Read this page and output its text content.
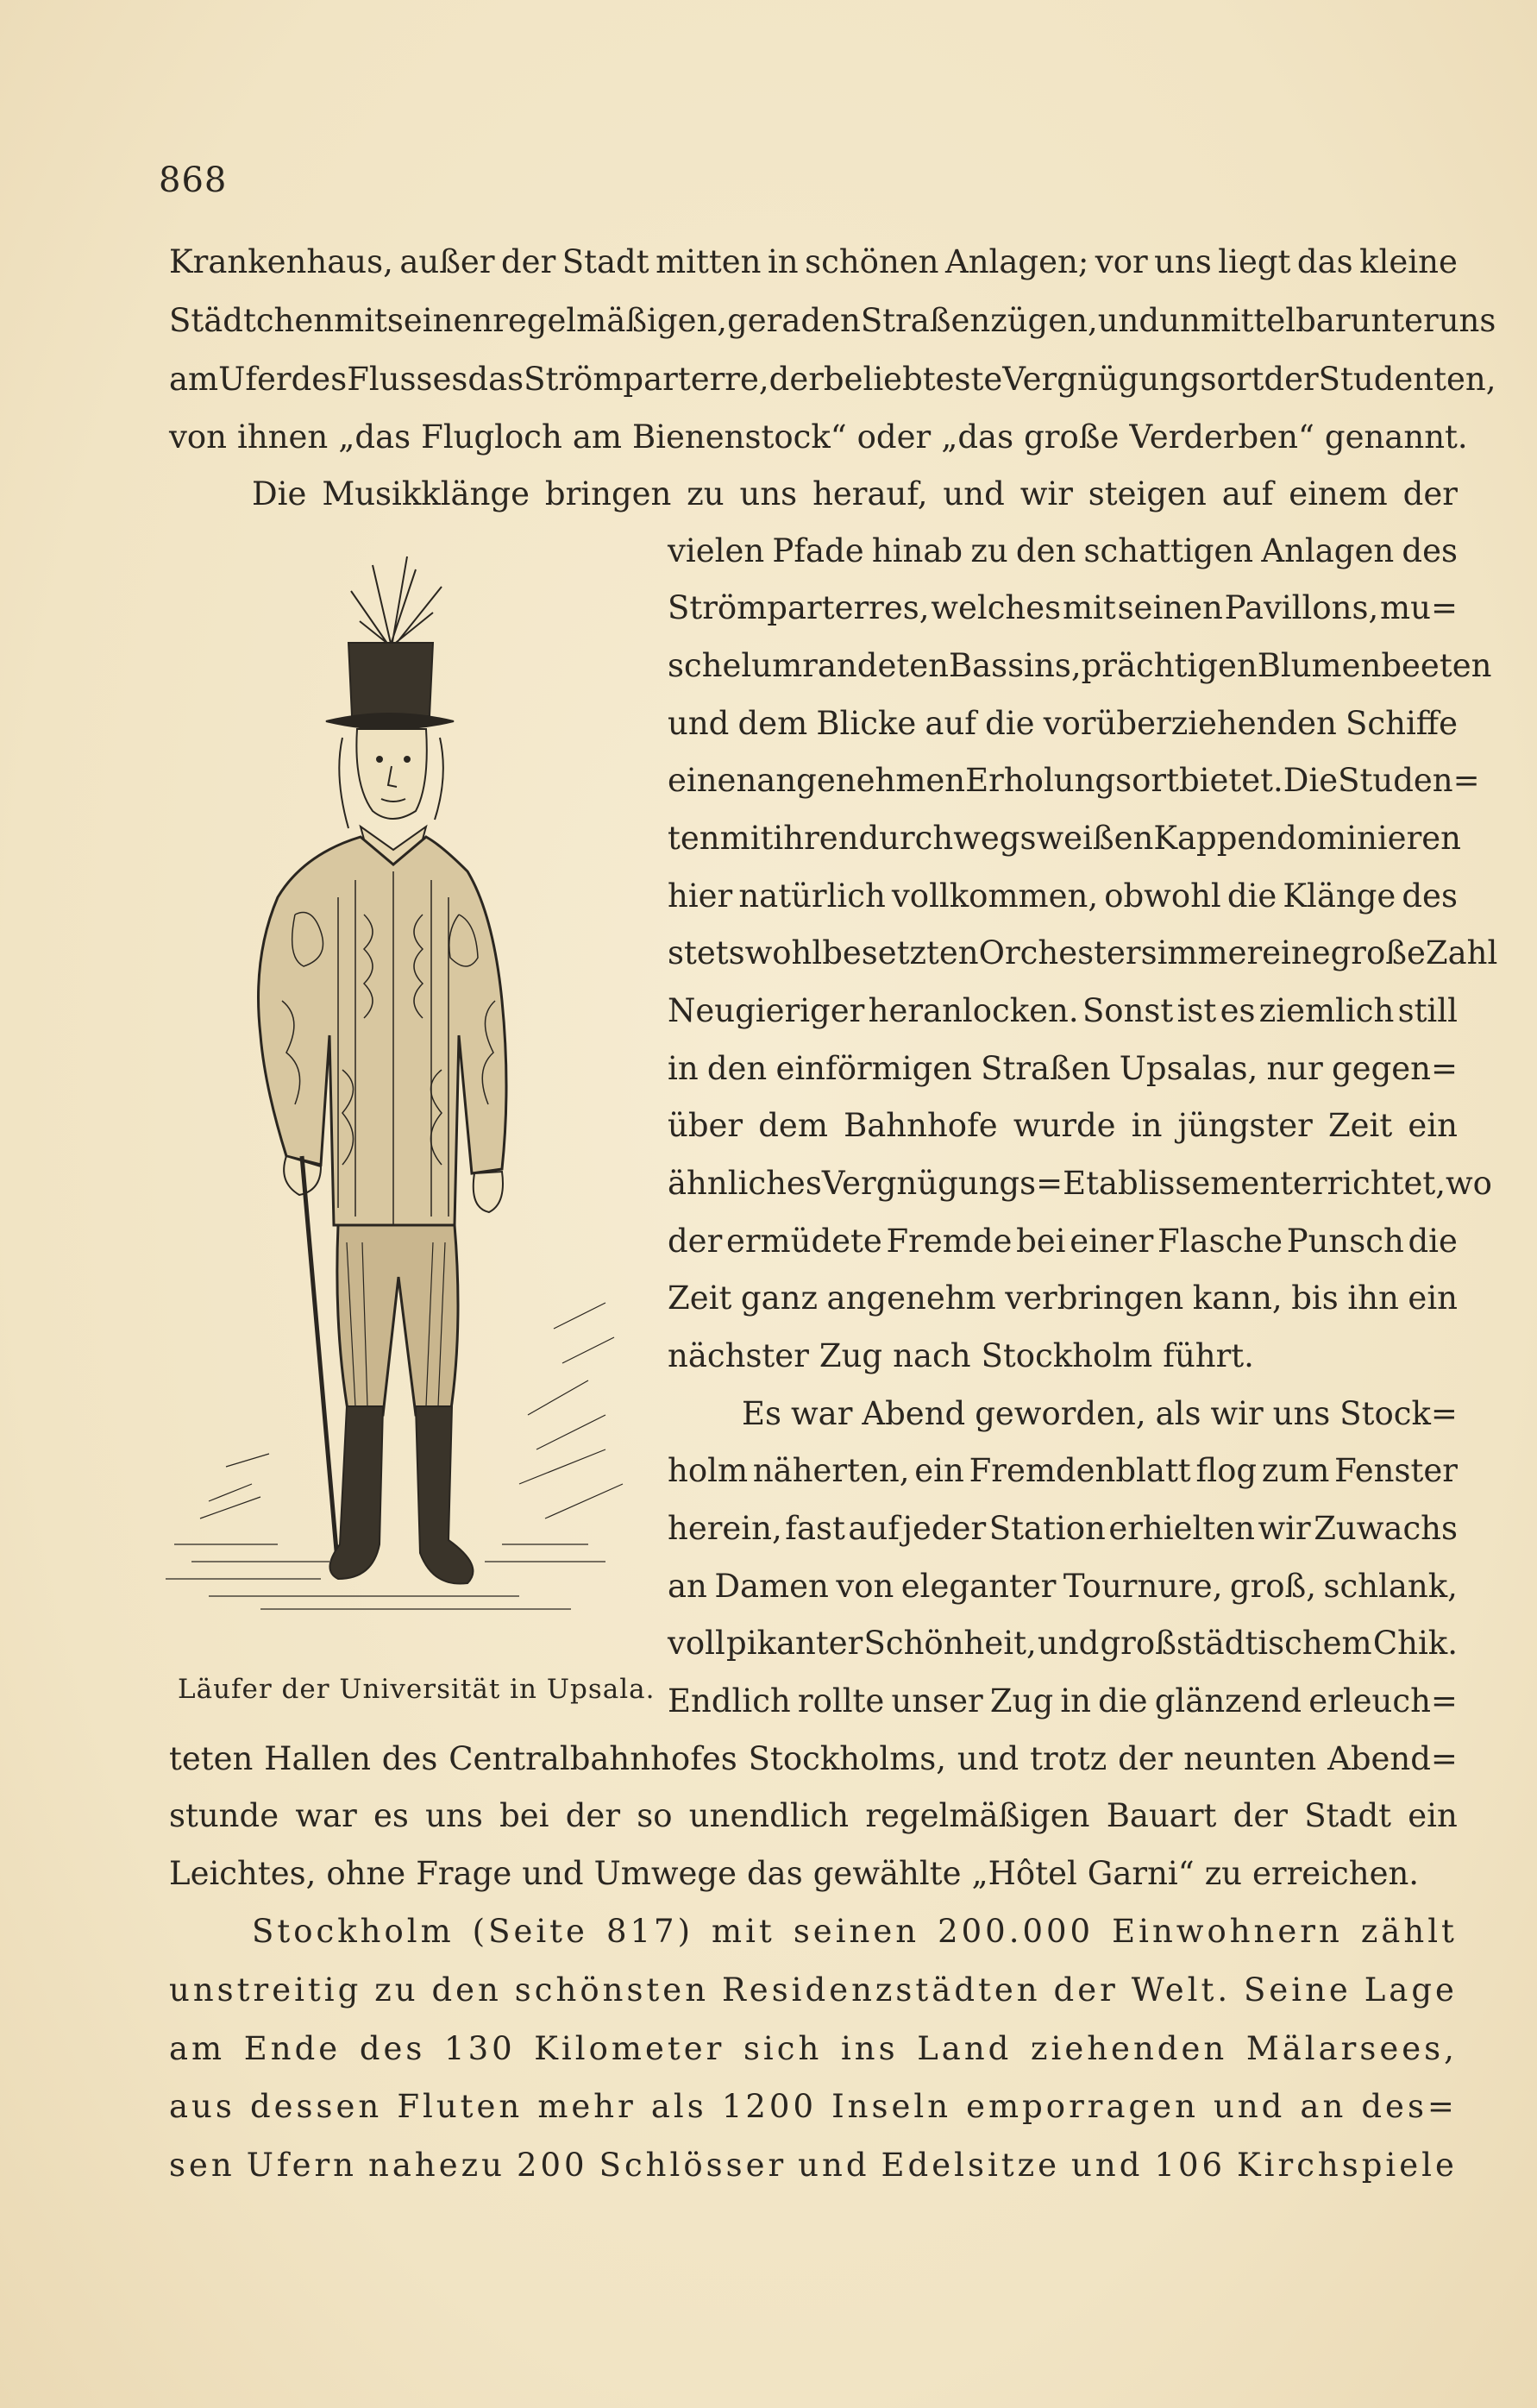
868
Krankenhaus, außer der Stadt mitten in schönen Anlagen; vor uns liegt das kleine
Städtchen mit seinen regelmäßigen, geraden Straßenzügen, und unmittelbar unter uns
am Ufer des Flusses das Strömparterre, der beliebteste Vergnügungsort der Studenten,
von ihnen „das Flugloch am Bienenstock“ oder „das große Verderben“ genannt.
Die Musikklänge bringen zu uns herauf, und wir steigen auf einem der
vielen Pfade hinab zu den schattigen Anlagen des
Strömparterres, welches mit seinen Pavillons, mu=
schelumrandeten Bassins, prächtigen Blumenbeeten
und dem Blicke auf die vorüberziehenden Schiffe
einen angenehmen Erholungsort bietet. Die Studen=
ten mit ihren durchwegs weißen Kappen dominieren
hier natürlich vollkommen, obwohl die Klänge des
stets wohlbesetzten Orchesters immer eine große Zahl
Neugieriger heranlocken. Sonst ist es ziemlich still
in den einförmigen Straßen Upsalas, nur gegen=
über dem Bahnhofe wurde in jüngster Zeit ein
ähnliches Vergnügungs=Etablissement errichtet, wo
der ermüdete Fremde bei einer Flasche Punsch die
Zeit ganz angenehm verbringen kann, bis ihn ein
nächster Zug nach Stockholm führt.
Es war Abend geworden, als wir uns Stock=
holm näherten, ein Fremdenblatt flog zum Fenster
herein, fast auf jeder Station erhielten wir Zuwachs
an Damen von eleganter Tournure, groß, schlank,
voll pikanter Schönheit, und großstädtischem Chik.
Endlich rollte unser Zug in die glänzend erleuch=
teten Hallen des Centralbahnhofes Stockholms, und trotz der neunten Abend=
stunde war es uns bei der so unendlich regelmäßigen Bauart der Stadt ein
Leichtes, ohne Frage und Umwege das gewählte „Hôtel Garni“ zu erreichen.
Stockholm (Seite 817) mit seinen 200.000 Einwohnern zählt
unstreitig zu den schönsten Residenzstädten der Welt. Seine Lage
am Ende des 130 Kilometer sich ins Land ziehenden Mälarsees,
aus dessen Fluten mehr als 1200 Inseln emporragen und an des=
sen Ufern nahezu 200 Schlösser und Edelsitze und 106 Kirchspiele
Läufer der Universität in Upsala.
